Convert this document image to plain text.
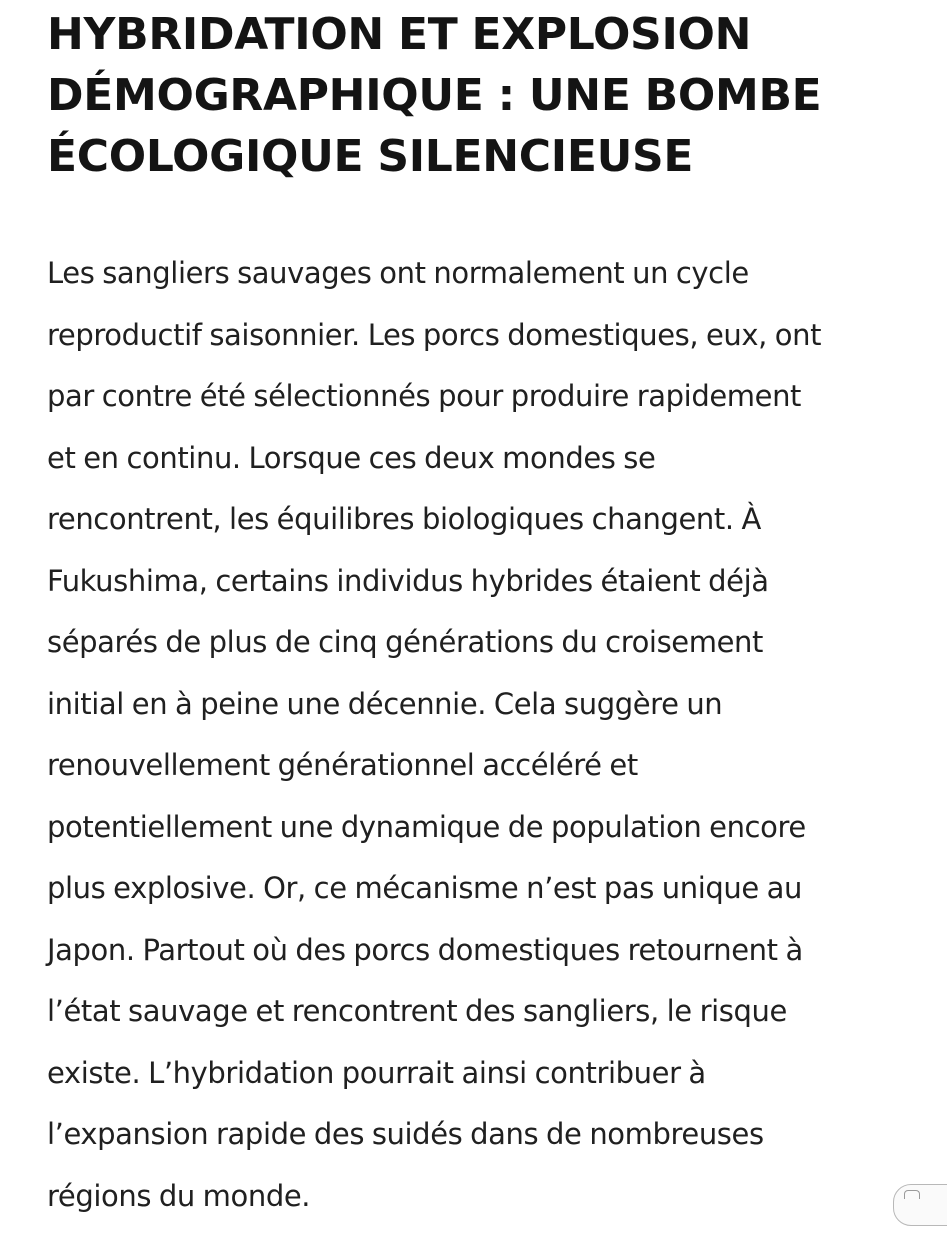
HYBRIDATION ET EXPLOSION
DÉMOGRAPHIQUE : UNE BOMBE
ÉCOLOGIQUE SILENCIEUSE

Les sangliers sauvages ont normalement un cycle
reproductif saisonnier. Les porcs domestiques, eux, ont
par contre été sélectionnés pour produire rapidement
et en continu. Lorsque ces deux mondes se
rencontrent, les équilibres biologiques changent. À
Fukushima, certains individus hybrides étaient déjà
séparés de plus de cinq générations du croisement
initial en à peine une décennie. Cela suggère un
renouvellement générationnel accéléré et
potentiellement une dynamique de population encore
plus explosive. Or, ce mécanisme n’est pas unique au
Japon. Partout où des porcs domestiques retournent à
l’état sauvage et rencontrent des sangliers, le risque
existe. L’hybridation pourrait ainsi contribuer à
l’expansion rapide des suidés dans de nombreuses
régions du monde.
